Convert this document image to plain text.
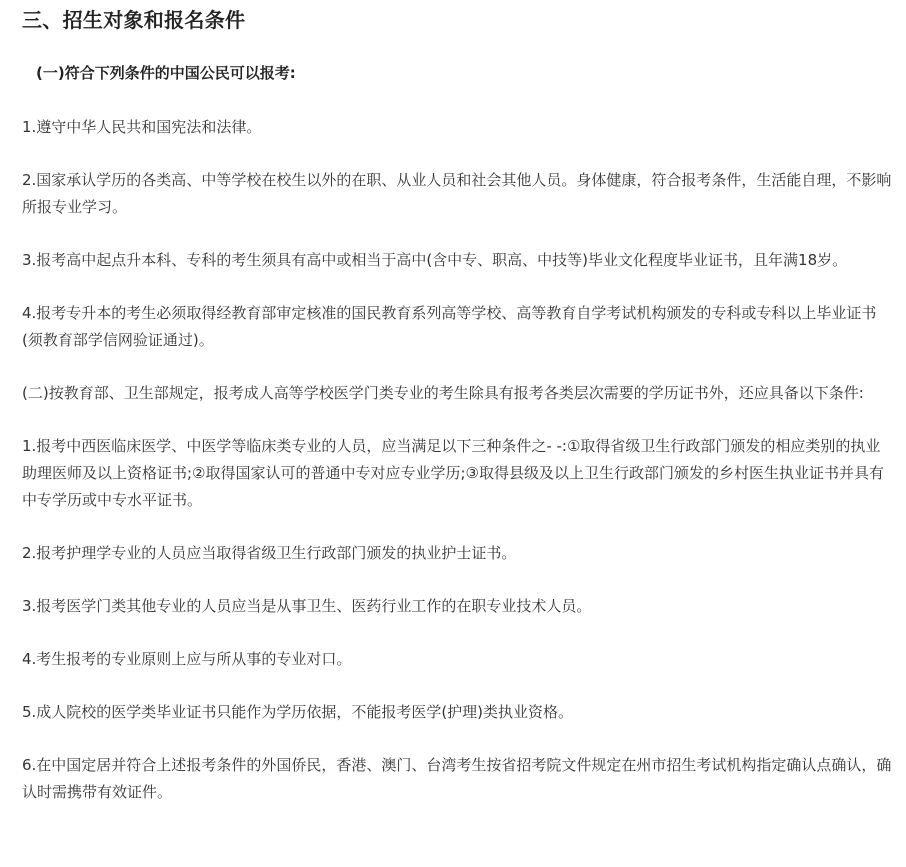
三、招生对象和报名条件
(一)符合下列条件的中国公民可以报考:

1.遵守中华人民共和国宪法和法律。

2.国家承认学历的各类高、中等学校在校生以外的在职、从业人员和社会其他人员。身体健康，符合报考条件，生活能自理，不影响所报专业学习。

3.报考高中起点升本科、专科的考生须具有高中或相当于高中(含中专、职高、中技等)毕业文化程度毕业证书，且年满18岁。

4.报考专升本的考生必须取得经教育部审定核准的国民教育系列高等学校、高等教育自学考试机构颁发的专科或专科以上毕业证书(须教育部学信网验证通过)。

(二)按教育部、卫生部规定，报考成人高等学校医学门类专业的考生除具有报考各类层次需要的学历证书外，还应具备以下条件:

1.报考中西医临床医学、中医学等临床类专业的人员，应当满足以下三种条件之- -:①取得省级卫生行政部门颁发的相应类别的执业助理医师及以上资格证书;②取得国家认可的普通中专对应专业学历;③取得县级及以上卫生行政部门颁发的乡村医生执业证书并具有中专学历或中专水平证书。

2.报考护理学专业的人员应当取得省级卫生行政部门颁发的执业护士证书。

3.报考医学门类其他专业的人员应当是从事卫生、医药行业工作的在职专业技术人员。

4.考生报考的专业原则上应与所从事的专业对口。

5.成人院校的医学类毕业证书只能作为学历依据，不能报考医学(护理)类执业资格。

6.在中国定居并符合上述报考条件的外国侨民，香港、澳门、台湾考生按省招考院文件规定在州市招生考试机构指定确认点确认，确认时需携带有效证件。
